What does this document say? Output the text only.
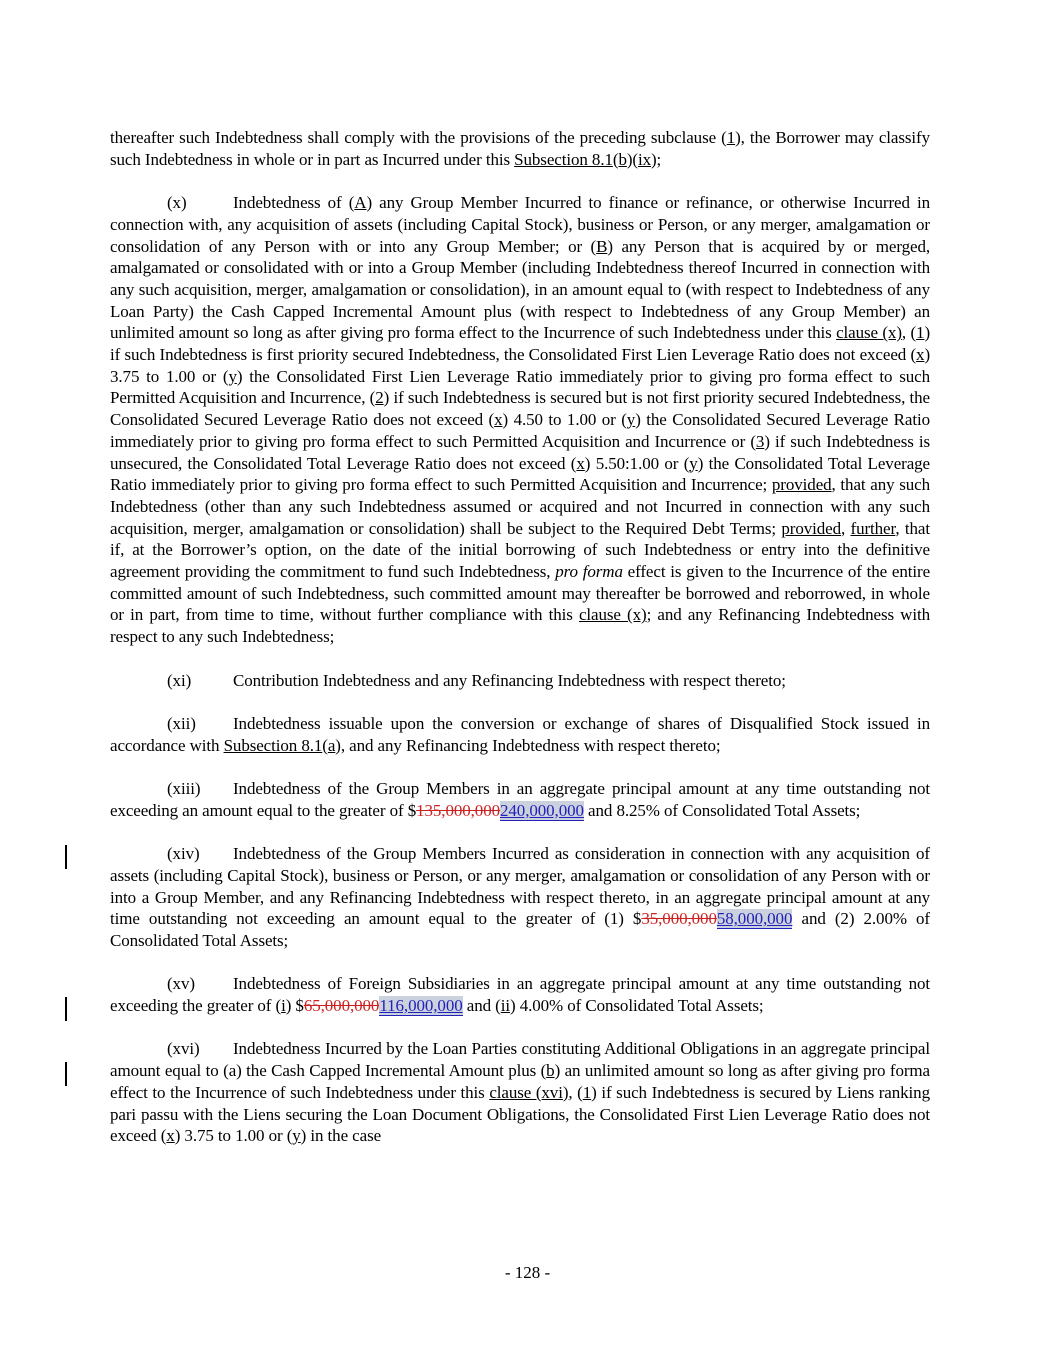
thereafter such Indebtedness shall comply with the provisions of the preceding subclause (1), the Borrower may classify such Indebtedness in whole or in part as Incurred under this Subsection 8.1(b)(ix);

(x)	Indebtedness of (A) any Group Member Incurred to finance or refinance, or otherwise Incurred in connection with, any acquisition of assets (including Capital Stock), business or Person, or any merger, amalgamation or consolidation of any Person with or into any Group Member; or (B) any Person that is acquired by or merged, amalgamated or consolidated with or into a Group Member (including Indebtedness thereof Incurred in connection with any such acquisition, merger, amalgamation or consolidation), in an amount equal to (with respect to Indebtedness of any Loan Party) the Cash Capped Incremental Amount plus (with respect to Indebtedness of any Group Member) an unlimited amount so long as after giving pro forma effect to the Incurrence of such Indebtedness under this clause (x), (1) if such Indebtedness is first priority secured Indebtedness, the Consolidated First Lien Leverage Ratio does not exceed (x) 3.75 to 1.00 or (y) the Consolidated First Lien Leverage Ratio immediately prior to giving pro forma effect to such Permitted Acquisition and Incurrence, (2) if such Indebtedness is secured but is not first priority secured Indebtedness, the Consolidated Secured Leverage Ratio does not exceed (x) 4.50 to 1.00 or (y) the Consolidated Secured Leverage Ratio immediately prior to giving pro forma effect to such Permitted Acquisition and Incurrence or (3) if such Indebtedness is unsecured, the Consolidated Total Leverage Ratio does not exceed (x) 5.50:1.00 or (y) the Consolidated Total Leverage Ratio immediately prior to giving pro forma effect to such Permitted Acquisition and Incurrence; provided, that any such Indebtedness (other than any such Indebtedness assumed or acquired and not Incurred in connection with any such acquisition, merger, amalgamation or consolidation) shall be subject to the Required Debt Terms; provided, further, that if, at the Borrower’s option, on the date of the initial borrowing of such Indebtedness or entry into the definitive agreement providing the commitment to fund such Indebtedness, pro forma effect is given to the Incurrence of the entire committed amount of such Indebtedness, such committed amount may thereafter be borrowed and reborrowed, in whole or in part, from time to time, without further compliance with this clause (x); and any Refinancing Indebtedness with respect to any such Indebtedness;

(xi) Contribution Indebtedness and any Refinancing Indebtedness with respect thereto;

(xii) Indebtedness issuable upon the conversion or exchange of shares of Disqualified Stock issued in accordance with Subsection 8.1(a), and any Refinancing Indebtedness with respect thereto;

(xiii) Indebtedness of the Group Members in an aggregate principal amount at any time outstanding not exceeding an amount equal to the greater of $135,000,000240,000,000 and 8.25% of Consolidated Total Assets;

(xiv) Indebtedness of the Group Members Incurred as consideration in connection with any acquisition of assets (including Capital Stock), business or Person, or any merger, amalgamation or consolidation of any Person with or into a Group Member, and any Refinancing Indebtedness with respect thereto, in an aggregate principal amount at any time outstanding not exceeding an amount equal to the greater of (1) $35,000,00058,000,000 and (2) 2.00% of Consolidated Total Assets;

(xv) Indebtedness of Foreign Subsidiaries in an aggregate principal amount at any time outstanding not exceeding the greater of (i) $65,000,000116,000,000 and (ii) 4.00% of Consolidated Total Assets;

(xvi) Indebtedness Incurred by the Loan Parties constituting Additional Obligations in an aggregate principal amount equal to (a) the Cash Capped Incremental Amount plus (b) an unlimited amount so long as after giving pro forma effect to the Incurrence of such Indebtedness under this clause (xvi), (1) if such Indebtedness is secured by Liens ranking pari passu with the Liens securing the Loan Document Obligations, the Consolidated First Lien Leverage Ratio does not exceed (x) 3.75 to 1.00 or (y) in the case

- 128 -
